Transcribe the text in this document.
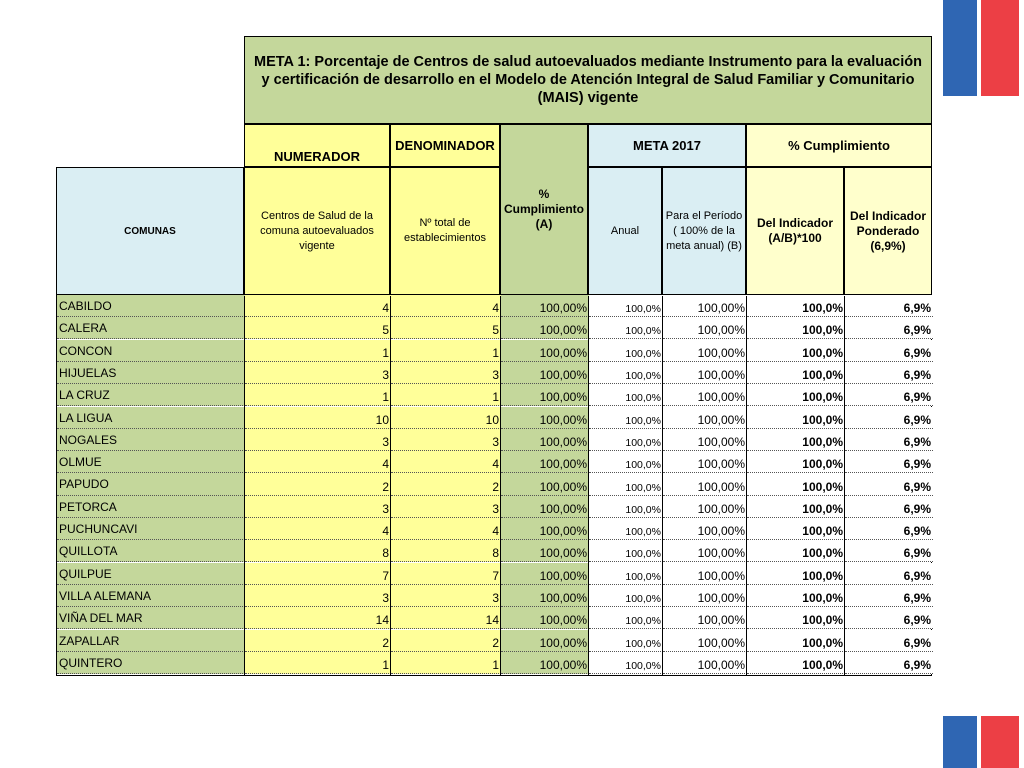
META 1: Porcentaje de Centros de salud autoevaluados mediante Instrumento para la evaluación y certificación de desarrollo en el Modelo de Atención Integral de Salud Familiar y Comunitario (MAIS) vigente
NUMERADOR
DENOMINADOR
% Cumplimiento (A)
META 2017	% Cumplimiento
COMUNAS
Centros de Salud de la comuna autoevaluados vigente
Nº total de establecimientos
Anual
Para el Período ( 100% de la meta anual) (B)
Del Indicador (A/B)*100
Del Indicador Ponderado (6,9%)
CABILDO	4	4	100,00%	100,0%	100,00%	100,0%	6,9%
CALERA	5	5	100,00%	100,0%	100,00%	100,0%	6,9%
CONCON	1	1	100,00%	100,0%	100,00%	100,0%	6,9%
HIJUELAS	3	3	100,00%	100,0%	100,00%	100,0%	6,9%
LA CRUZ	1	1	100,00%	100,0%	100,00%	100,0%	6,9%
LA LIGUA	10	10	100,00%	100,0%	100,00%	100,0%	6,9%
NOGALES	3	3	100,00%	100,0%	100,00%	100,0%	6,9%
OLMUE	4	4	100,00%	100,0%	100,00%	100,0%	6,9%
PAPUDO	2	2	100,00%	100,0%	100,00%	100,0%	6,9%
PETORCA	3	3	100,00%	100,0%	100,00%	100,0%	6,9%
PUCHUNCAVI	4	4	100,00%	100,0%	100,00%	100,0%	6,9%
QUILLOTA	8	8	100,00%	100,0%	100,00%	100,0%	6,9%
QUILPUE	7	7	100,00%	100,0%	100,00%	100,0%	6,9%
VILLA ALEMANA	3	3	100,00%	100,0%	100,00%	100,0%	6,9%
VIÑA DEL MAR	14	14	100,00%	100,0%	100,00%	100,0%	6,9%
ZAPALLAR	2	2	100,00%	100,0%	100,00%	100,0%	6,9%
QUINTERO	1	1	100,00%	100,0%	100,00%	100,0%	6,9%
